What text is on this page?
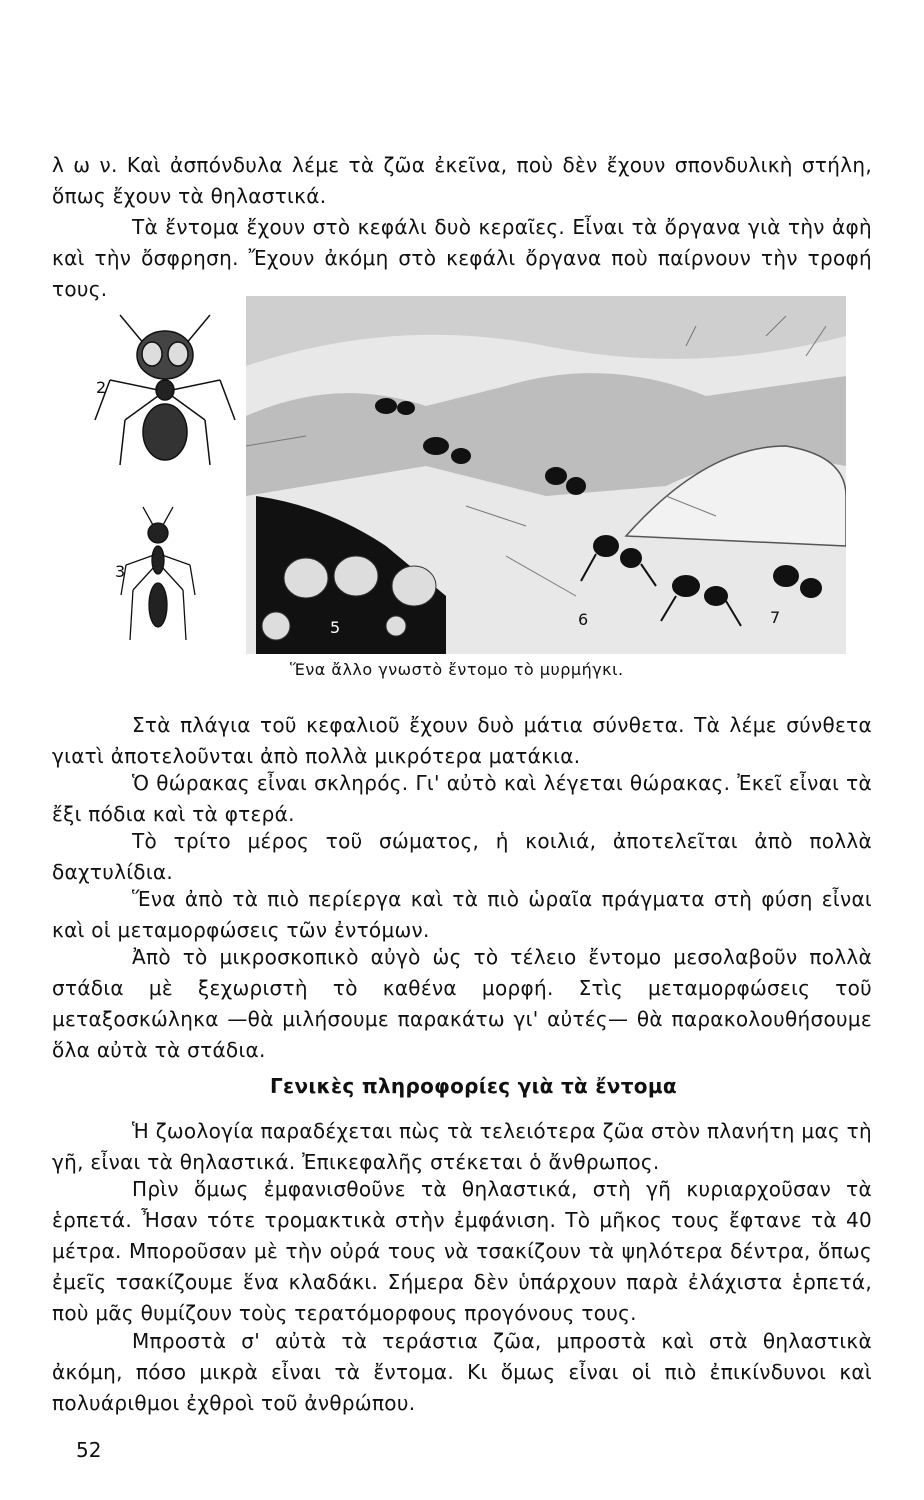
λ ω ν. Καὶ ἀσπόνδυλα λέμε τὰ ζῶα ἐκεῖνα, ποὺ δὲν ἔχουν σπονδυλικὴ στήλη, ὅπως ἔχουν τὰ θηλαστικά.

Τὰ ἔντομα ἔχουν στὸ κεφάλι δυὸ κεραῖες. Εἶναι τὰ ὄργανα γιὰ τὴν ἀφὴ καὶ τὴν ὄσφρηση. Ἔχουν ἀκόμη στὸ κεφάλι ὄργανα ποὺ παίρνουν τὴν τροφή τους.

2
3
5	6	7

Ἕνα ἄλλο γνωστὸ ἔντομο τὸ μυρμήγκι.

Στὰ πλάγια τοῦ κεφαλιοῦ ἔχουν δυὸ μάτια σύνθετα. Τὰ λέμε σύνθετα γιατὶ ἀποτελοῦνται ἀπὸ πολλὰ μικρότερα ματάκια.

Ὁ θώρακας εἶναι σκληρός. Γι' αὐτὸ καὶ λέγεται θώρακας. Ἐκεῖ εἶναι τὰ ἔξι πόδια καὶ τὰ φτερά.

Τὸ τρίτο μέρος τοῦ σώματος, ἡ κοιλιά, ἀποτελεῖται ἀπὸ πολλὰ δαχτυλίδια.

Ἕνα ἀπὸ τὰ πιὸ περίεργα καὶ τὰ πιὸ ὡραῖα πράγματα στὴ φύση εἶναι καὶ οἱ μεταμορφώσεις τῶν ἐντόμων.

Ἀπὸ τὸ μικροσκοπικὸ αὐγὸ ὡς τὸ τέλειο ἔντομο μεσολαβοῦν πολλὰ στάδια μὲ ξεχωριστὴ τὸ καθένα μορφή. Στὶς μεταμορφώσεις τοῦ μεταξοσκώληκα —θὰ μιλήσουμε παρακάτω γι' αὐτές— θὰ παρακολουθήσουμε ὅλα αὐτὰ τὰ στάδια.

Γενικὲς πληροφορίες γιὰ τὰ ἔντομα

Ἡ ζωολογία παραδέχεται πὼς τὰ τελειότερα ζῶα στὸν πλανήτη μας τὴ γῆ, εἶναι τὰ θηλαστικά. Ἐπικεφαλῆς στέκεται ὁ ἄνθρωπος.

Πρὶν ὅμως ἐμφανισθοῦνε τὰ θηλαστικά, στὴ γῆ κυριαρχοῦσαν τὰ ἑρπετά. Ἦσαν τότε τρομακτικὰ στὴν ἐμφάνιση. Τὸ μῆκος τους ἔφτανε τὰ 40 μέτρα. Μποροῦσαν μὲ τὴν οὐρά τους νὰ τσακίζουν τὰ ψηλότερα δέντρα, ὅπως ἐμεῖς τσακίζουμε ἕνα κλαδάκι. Σήμερα δὲν ὑπάρχουν παρὰ ἐλάχιστα ἑρπετά, ποὺ μᾶς θυμίζουν τοὺς τερατόμορφους προγόνους τους.

Μπροστὰ σ' αὐτὰ τὰ τεράστια ζῶα, μπροστὰ καὶ στὰ θηλαστικὰ ἀκόμη, πόσο μικρὰ εἶναι τὰ ἔντομα. Κι ὅμως εἶναι οἱ πιὸ ἐπικίνδυνοι καὶ πολυάριθμοι ἐχθροὶ τοῦ ἀνθρώπου.

52
